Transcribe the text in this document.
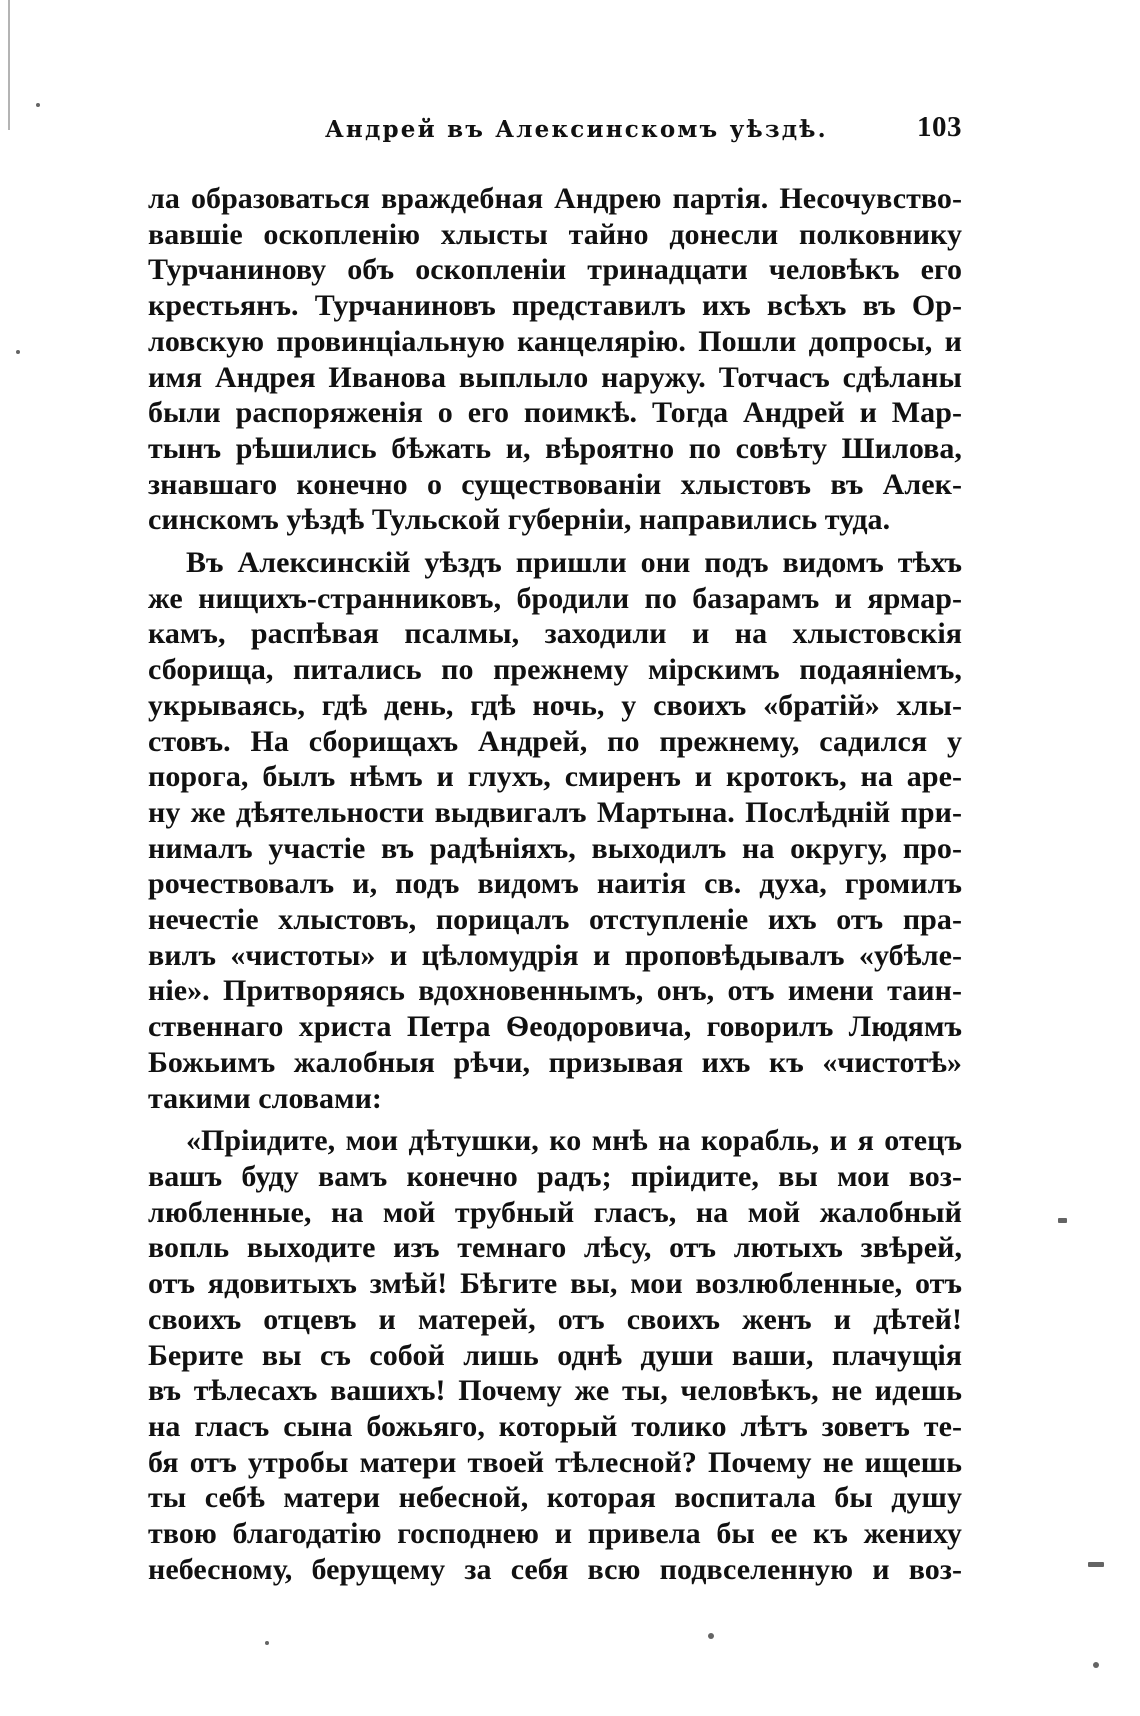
Андрей въ Алексинскомъ уѣздѣ.	103

ла образоваться враждебная Андрею партія. Несочувство-
вавшіе оскопленію хлысты тайно донесли полковнику
Турчанинову объ оскопленіи тринадцати человѣкъ его
крестьянъ. Турчаниновъ представилъ ихъ всѣхъ въ Ор-
ловскую провинціальную канцелярію. Пошли допросы, и
имя Андрея Иванова выплыло наружу. Тотчасъ сдѣланы
были распоряженія о его поимкѣ. Тогда Андрей и Мар-
тынъ рѣшились бѣжать и, вѣроятно по совѣту Шилова,
знавшаго конечно о существованіи хлыстовъ въ Алек-
синскомъ уѣздѣ Тульской губерніи, направились туда.

Въ Алексинскій уѣздъ пришли они подъ видомъ тѣхъ
же нищихъ-странниковъ, бродили по базарамъ и ярмар-
камъ, распѣвая псалмы, заходили и на хлыстовскія
сборища, питались по прежнему мірскимъ подаяніемъ,
укрываясь, гдѣ день, гдѣ ночь, у своихъ «братій» хлы-
стовъ. На сборищахъ Андрей, по прежнему, садился у
порога, былъ нѣмъ и глухъ, смиренъ и кротокъ, на аре-
ну же дѣятельности выдвигалъ Мартына. Послѣдній при-
нималъ участіе въ радѣніяхъ, выходилъ на округу, про-
рочествовалъ и, подъ видомъ наитія св. духа, громилъ
нечестіе хлыстовъ, порицалъ отступленіе ихъ отъ пра-
вилъ «чистоты» и цѣломудрія и проповѣдывалъ «убѣле-
ніе». Притворяясь вдохновеннымъ, онъ, отъ имени таин-
ственнаго христа Петра Ѳеодоровича, говорилъ Людямъ
Божьимъ жалобныя рѣчи, призывая ихъ къ «чистотѣ»
такими словами:

«Пріидите, мои дѣтушки, ко мнѣ на корабль, и я отецъ
вашъ буду вамъ конечно радъ; пріидите, вы мои воз-
любленные, на мой трубный гласъ, на мой жалобный
вопль выходите изъ темнаго лѣсу, отъ лютыхъ звѣрей,
отъ ядовитыхъ змѣй! Бѣгите вы, мои возлюбленные, отъ
своихъ отцевъ и матерей, отъ своихъ женъ и дѣтей!
Берите вы съ собой лишь однѣ души ваши, плачущія
въ тѣлесахъ вашихъ! Почему же ты, человѣкъ, не идешь
на гласъ сына божьяго, который толико лѣтъ зоветъ те-
бя отъ утробы матери твоей тѣлесной? Почему не ищешь
ты себѣ матери небесной, которая воспитала бы душу
твою благодатію господнею и привела бы ее къ жениху
небесному, берущему за себя всю подвселенную и воз-
